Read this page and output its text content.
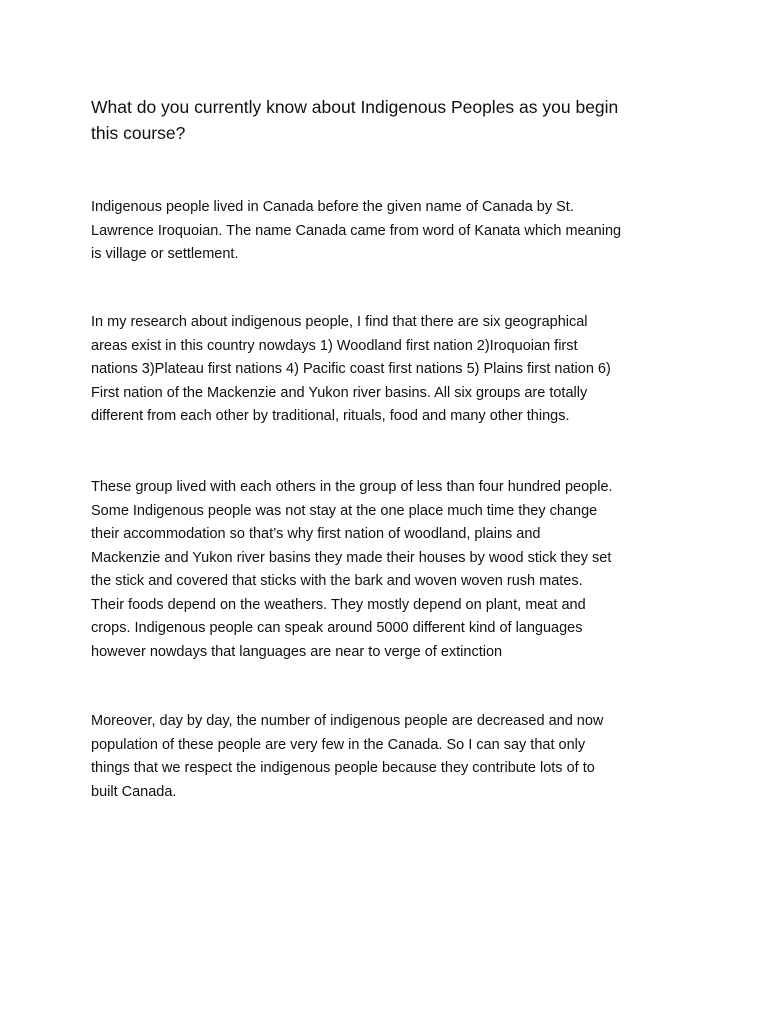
What do you currently know about Indigenous Peoples as you begin
this course?

Indigenous people lived in Canada before the given name of Canada by St.
Lawrence Iroquoian. The name Canada came from word of Kanata which meaning
is village or settlement.

In my research about indigenous people, I find that there are six geographical
areas exist in this country nowdays 1) Woodland first nation 2)Iroquoian first
nations 3)Plateau first nations 4) Pacific coast first nations 5) Plains first nation 6)
First nation of the Mackenzie and Yukon river basins. All six groups are totally
different from each other by traditional, rituals, food and many other things.

These group lived with each others in the group of less than four hundred people.
Some Indigenous people was not stay at the one place much time they change
their accommodation so that’s why first nation of woodland, plains and
Mackenzie and Yukon river basins they made their houses by wood stick they set
the stick and covered that sticks with the bark and woven woven rush mates.
Their foods depend on the weathers. They mostly depend on plant, meat and
crops. Indigenous people can speak around 5000 different kind of languages
however nowdays that languages are near to verge of extinction

Moreover, day by day, the number of indigenous people are decreased and now
population of these people are very few in the Canada. So I can say that only
things that we respect the indigenous people because they contribute lots of to
built Canada.
